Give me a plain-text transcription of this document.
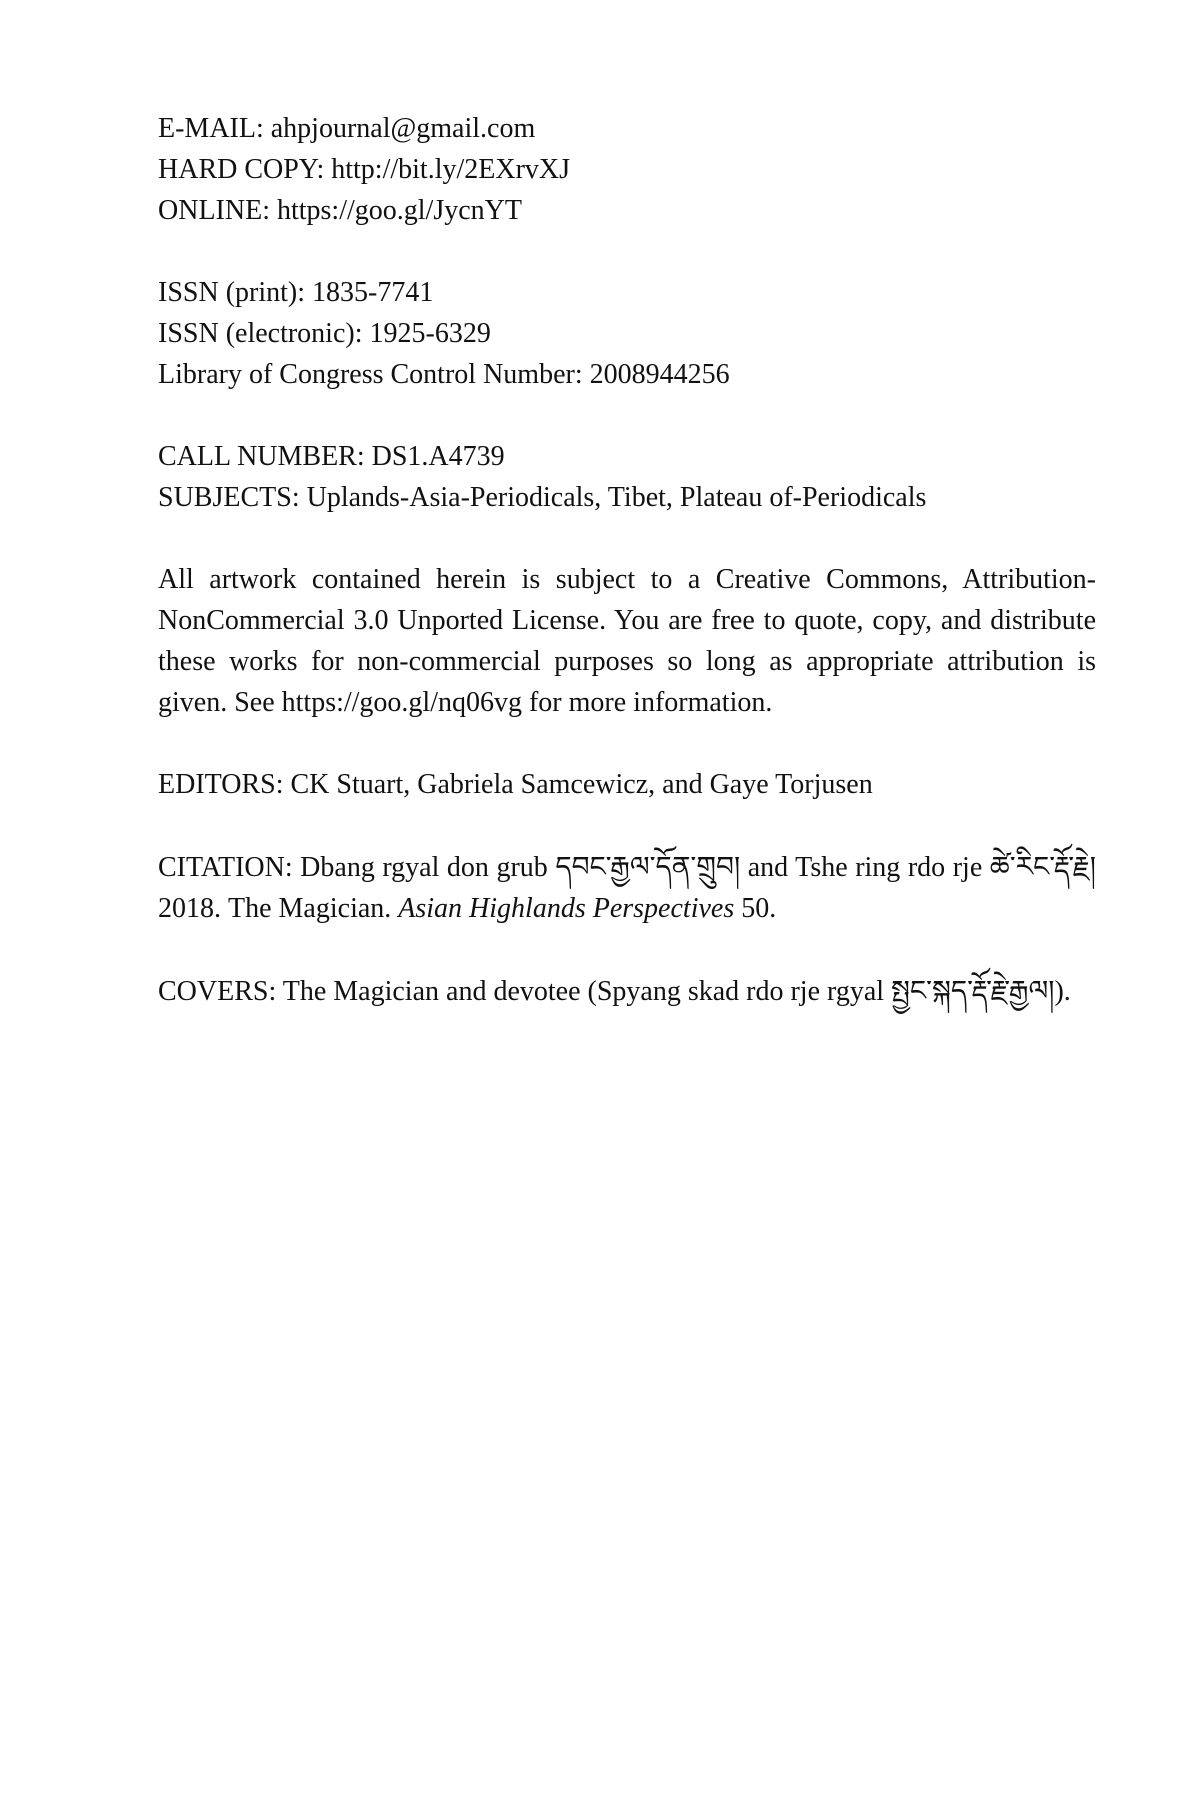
E-MAIL: ahpjournal@gmail.com
HARD COPY: http://bit.ly/2EXrvXJ
ONLINE: https://goo.gl/JycnYT
ISSN (print): 1835-7741
ISSN (electronic): 1925-6329
Library of Congress Control Number: 2008944256
CALL NUMBER: DS1.A4739
SUBJECTS: Uplands-Asia-Periodicals, Tibet, Plateau of-Periodicals

All artwork contained herein is subject to a Creative Commons, Attribution-NonCommercial 3.0 Unported License. You are free to quote, copy, and distribute these works for non-commercial purposes so long as appropriate attribution is given. See https://goo.gl/nq06vg for more information.

EDITORS: CK Stuart, Gabriela Samcewicz, and Gaye Torjusen

CITATION: Dbang rgyal don grub དབང་རྒྱལ་དོན་གྲུབ། and Tshe ring rdo rje ཚེ་རིང་རྡོ་རྗེ། 2018. The Magician. Asian Highlands Perspectives 50.

COVERS: The Magician and devotee (Spyang skad rdo rje rgyal སྤྱང་སྐད་རྡོ་རྗེ་རྒྱལ།).
